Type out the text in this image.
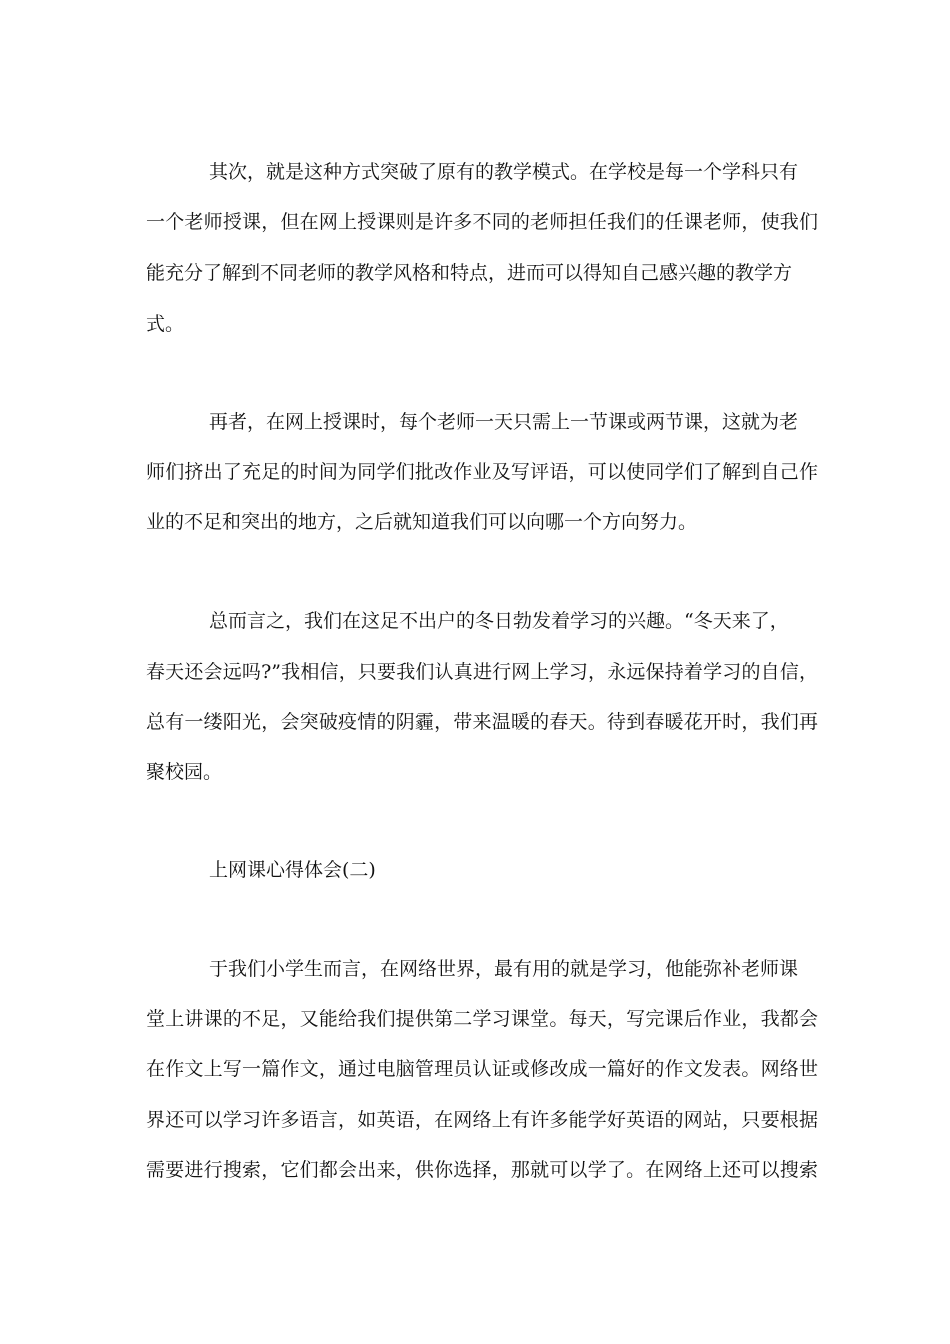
其次，就是这种方式突破了原有的教学模式。在学校是每一个学科只有
一个老师授课，但在网上授课则是许多不同的老师担任我们的任课老师，使我们
能充分了解到不同老师的教学风格和特点，进而可以得知自己感兴趣的教学方
式。
再者，在网上授课时，每个老师一天只需上一节课或两节课，这就为老
师们挤出了充足的时间为同学们批改作业及写评语，可以使同学们了解到自己作
业的不足和突出的地方，之后就知道我们可以向哪一个方向努力。
总而言之，我们在这足不出户的冬日勃发着学习的兴趣。“冬天来了，
春天还会远吗?”我相信，只要我们认真进行网上学习，永远保持着学习的自信，
总有一缕阳光，会突破疫情的阴霾，带来温暖的春天。待到春暖花开时，我们再
聚校园。
上网课心得体会(二)
于我们小学生而言，在网络世界，最有用的就是学习，他能弥补老师课
堂上讲课的不足，又能给我们提供第二学习课堂。每天，写完课后作业，我都会
在作文上写一篇作文，通过电脑管理员认证或修改成一篇好的作文发表。网络世
界还可以学习许多语言，如英语，在网络上有许多能学好英语的网站，只要根据
需要进行搜索，它们都会出来，供你选择，那就可以学了。在网络上还可以搜索
